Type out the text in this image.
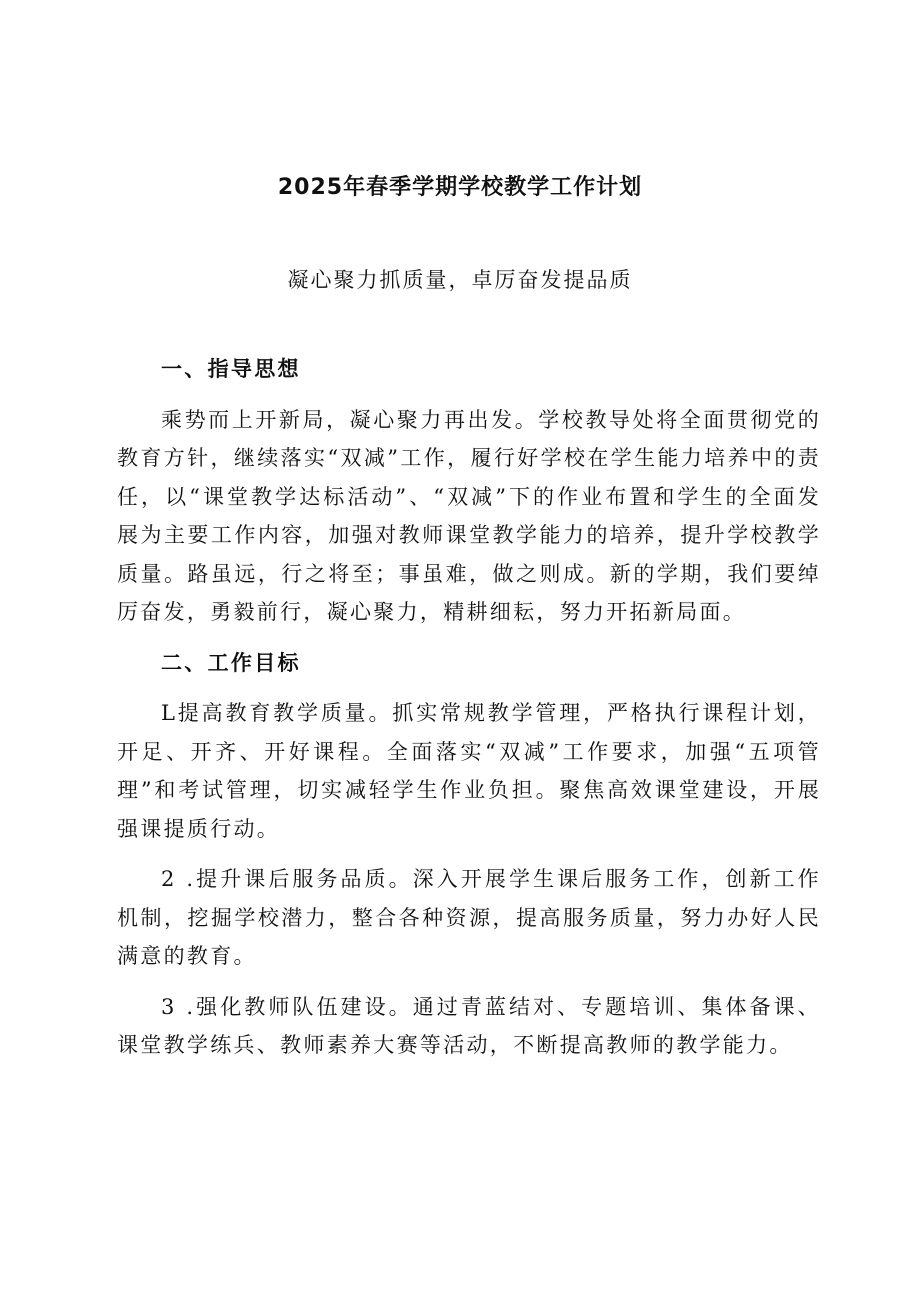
2025年春季学期学校教学工作计划
凝心聚力抓质量，卓厉奋发提品质

一、指导思想

乘势而上开新局，凝心聚力再出发。学校教导处将全面贯彻党的教育方针，继续落实“双减”工作，履行好学校在学生能力培养中的责任，以“课堂教学达标活动”、“双减”下的作业布置和学生的全面发展为主要工作内容，加强对教师课堂教学能力的培养，提升学校教学质量。路虽远，行之将至；事虽难，做之则成。新的学期，我们要绰厉奋发，勇毅前行，凝心聚力，精耕细耘，努力开拓新局面。

二、工作目标

L提高教育教学质量。抓实常规教学管理，严格执行课程计划，开足、开齐、开好课程。全面落实“双减”工作要求，加强“五项管理”和考试管理，切实减轻学生作业负担。聚焦高效课堂建设，开展强课提质行动。

2 .提升课后服务品质。深入开展学生课后服务工作，创新工作机制，挖掘学校潜力，整合各种资源，提高服务质量，努力办好人民满意的教育。

3 .强化教师队伍建设。通过青蓝结对、专题培训、集体备课、课堂教学练兵、教师素养大赛等活动，不断提高教师的教学能力。
